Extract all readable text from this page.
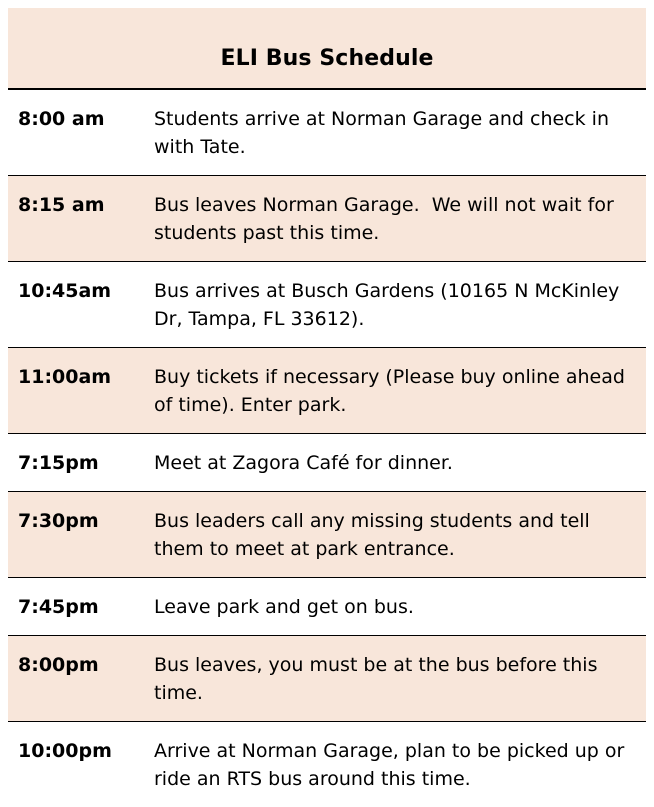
ELI Bus Schedule
8:00 am	Students arrive at Norman Garage and check in with Tate.
8:15 am	Bus leaves Norman Garage.  We will not wait for students past this time.
10:45am	Bus arrives at Busch Gardens (10165 N McKinley Dr, Tampa, FL 33612).
11:00am	Buy tickets if necessary (Please buy online ahead of time). Enter park.
7:15pm	Meet at Zagora Café for dinner.
7:30pm	Bus leaders call any missing students and tell them to meet at park entrance.
7:45pm	Leave park and get on bus.
8:00pm	Bus leaves, you must be at the bus before this time.
10:00pm	Arrive at Norman Garage, plan to be picked up or ride an RTS bus around this time.
